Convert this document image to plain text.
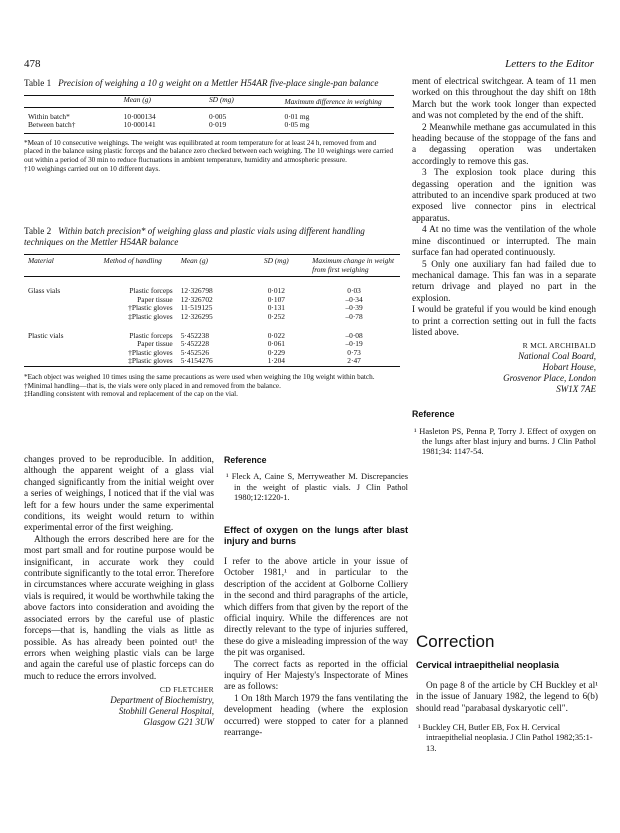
478	Letters to the Editor
Table 1 Precision of weighing a 10 g weight on a Mettler H54AR five-place single-pan balance
	Mean (g)	SD (mg)	Maximum difference in weighing
Within batch*	10·000134	0·005	0·01 mg
Between batch†	10·000141	0·019	0·05 mg
*Mean of 10 consecutive weighings. The weight was equilibrated at room temperature for at least 24 h, removed from and placed in the balance using plastic forceps and the balance zero checked between each weighing. The 10 weighings were carried out within a period of 30 min to reduce fluctuations in ambient temperature, humidity and atmospheric pressure.
†10 weighings carried out on 10 different days.
Table 2 Within batch precision* of weighing glass and plastic vials using different handling techniques on the Mettler H54AR balance
Material	Method of handling	Mean (g)	SD (mg)	Maximum change in weight from first weighing
Glass vials	Plastic forceps	12·326798	0·012	0·03
	Paper tissue	12·326702	0·107	–0·34
	†Plastic gloves	11·519125	0·131	–0·39
	‡Plastic gloves	12·326295	0·252	–0·78
Plastic vials	Plastic forceps	5·452238	0·022	–0·08
	Paper tissue	5·452228	0·061	–0·19
	†Plastic gloves	5·452526	0·229	0·73
	‡Plastic gloves	5·4154276	1·204	2·47
*Each object was weighed 10 times using the same precautions as were used when weighing the 10g weight within batch.
†Minimal handling—that is, the vials were only placed in and removed from the balance.
‡Handling consistent with removal and replacement of the cap on the vial.

ment of electrical switchgear. A team of 11 men worked on this throughout the day shift on 18th March but the work took longer than expected and was not completed by the end of the shift.

2 Meanwhile methane gas accumulated in this heading because of the stoppage of the fans and a degassing operation was undertaken accordingly to remove this gas.

3 The explosion took place during this degassing operation and the ignition was attributed to an incendive spark produced at two exposed live connector pins in electrical apparatus.

4 At no time was the ventilation of the whole mine discontinued or interrupted. The main surface fan had operated continuously.

5 Only one auxiliary fan had failed due to mechanical damage. This fan was in a separate return drivage and played no part in the explosion.

I would be grateful if you would be kind enough to print a correction setting out in full the facts listed above.

R MCL ARCHIBALD
National Coal Board,
Hobart House,
Grosvenor Place, London
SW1X 7AE
Reference

¹ Hasleton PS, Penna P, Torry J. Effect of oxygen on the lungs after blast injury and burns. J Clin Pathol 1981;34: 1147-54.

changes proved to be reproducible. In addition, although the apparent weight of a glass vial changed significantly from the initial weight over a series of weighings, I noticed that if the vial was left for a few hours under the same experimental conditions, its weight would return to within experimental error of the first weighing.

Although the errors described here are for the most part small and for routine purpose would be insignificant, in accurate work they could contribute significantly to the total error. Therefore in circumstances where accurate weighing in glass vials is required, it would be worthwhile taking the above factors into consideration and avoiding the associated errors by the careful use of plastic forceps—that is, handling the vials as little as possible. As has already been pointed out¹ the errors when weighing plastic vials can be large and again the careful use of plastic forceps can do much to reduce the errors involved.

CD FLETCHER
Department of Biochemistry,
Stobhill General Hospital,
Glasgow G21 3UW
Reference

¹ Fleck A, Caine S, Merryweather M. Discrepancies in the weight of plastic vials. J Clin Pathol 1980;12:1220-1.

Effect of oxygen on the lungs after blast injury and burns

I refer to the above article in your issue of October 1981,¹ and in particular to the description of the accident at Golborne Colliery in the second and third paragraphs of the article, which differs from that given by the report of the official inquiry. While the differences are not directly relevant to the type of injuries suffered, these do give a misleading impression of the way the pit was organised.

The correct facts as reported in the official inquiry of Her Majesty's Inspectorate of Mines are as follows:

1 On 18th March 1979 the fans ventilating the development heading (where the explosion occurred) were stopped to cater for a planned rearrange-

Correction
Cervical intraepithelial neoplasia

On page 8 of the article by CH Buckley et al¹ in the issue of January 1982, the legend to 6(b) should read "parabasal dyskaryotic cell".

¹ Buckley CH, Butler EB, Fox H. Cervical intraepithelial neoplasia. J Clin Pathol 1982;35:1-13.
